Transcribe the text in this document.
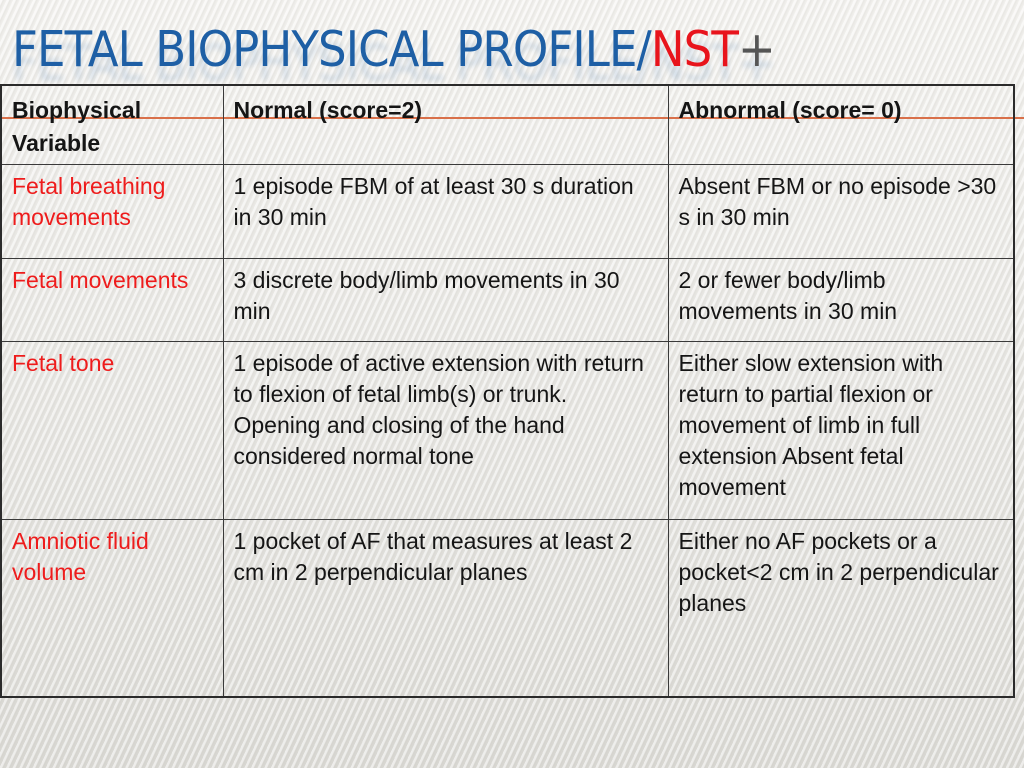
FETAL BIOPHYSICAL PROFILE/NST+
Biophysical Variable	Normal (score=2)	Abnormal (score= 0)
Fetal breathing movements	1 episode FBM of at least 30 s duration in 30 min	Absent FBM or no episode >30 s in 30 min
Fetal movements	3 discrete body/limb movements in 30 min	2 or fewer body/limb movements in 30 min
Fetal tone	1 episode of active extension with return to flexion of fetal limb(s) or trunk. Opening and closing of the hand considered normal tone	Either slow extension with return to partial flexion or movement of limb in full extension Absent fetal movement
Amniotic fluid volume	1 pocket of AF that measures at least 2 cm in 2 perpendicular planes	Either no AF pockets or a pocket<2 cm in 2 perpendicular planes
